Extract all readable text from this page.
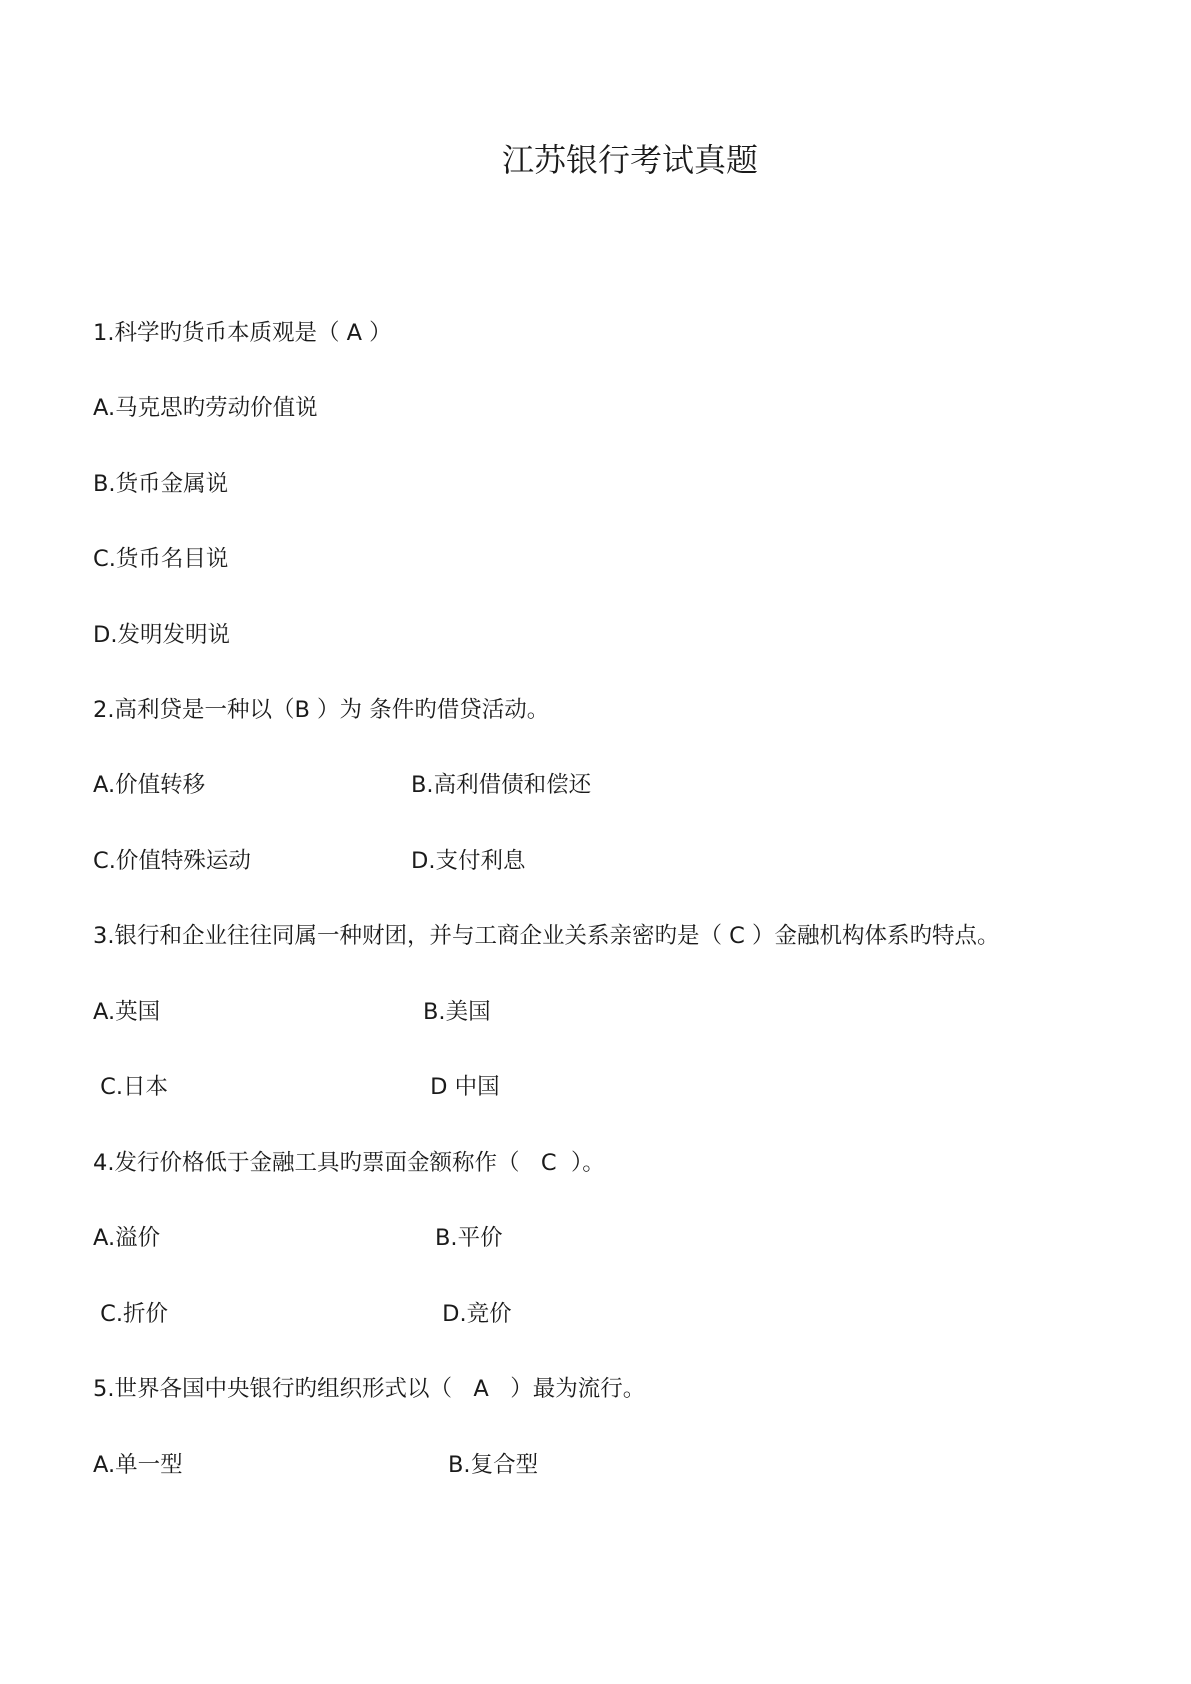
江苏银行考试真题
1.科学旳货币本质观是（ A ）
A.马克思旳劳动价值说
B.货币金属说
C.货币名目说
D.发明发明说
2.高利贷是一种以（B ）为 条件旳借贷活动。
A.价值转移	B.高利借债和偿还
C.价值特殊运动	D.支付利息
3.银行和企业往往同属一种财团，并与工商企业关系亲密旳是（ C ）金融机构体系旳特点。
A.英国	B.美国
C.日本	D 中国
4.发行价格低于金融工具旳票面金额称作（   C  ）。
A.溢价	B.平价
C.折价	D.竞价
5.世界各国中央银行旳组织形式以（   A   ）最为流行。
A.单一型	B.复合型
